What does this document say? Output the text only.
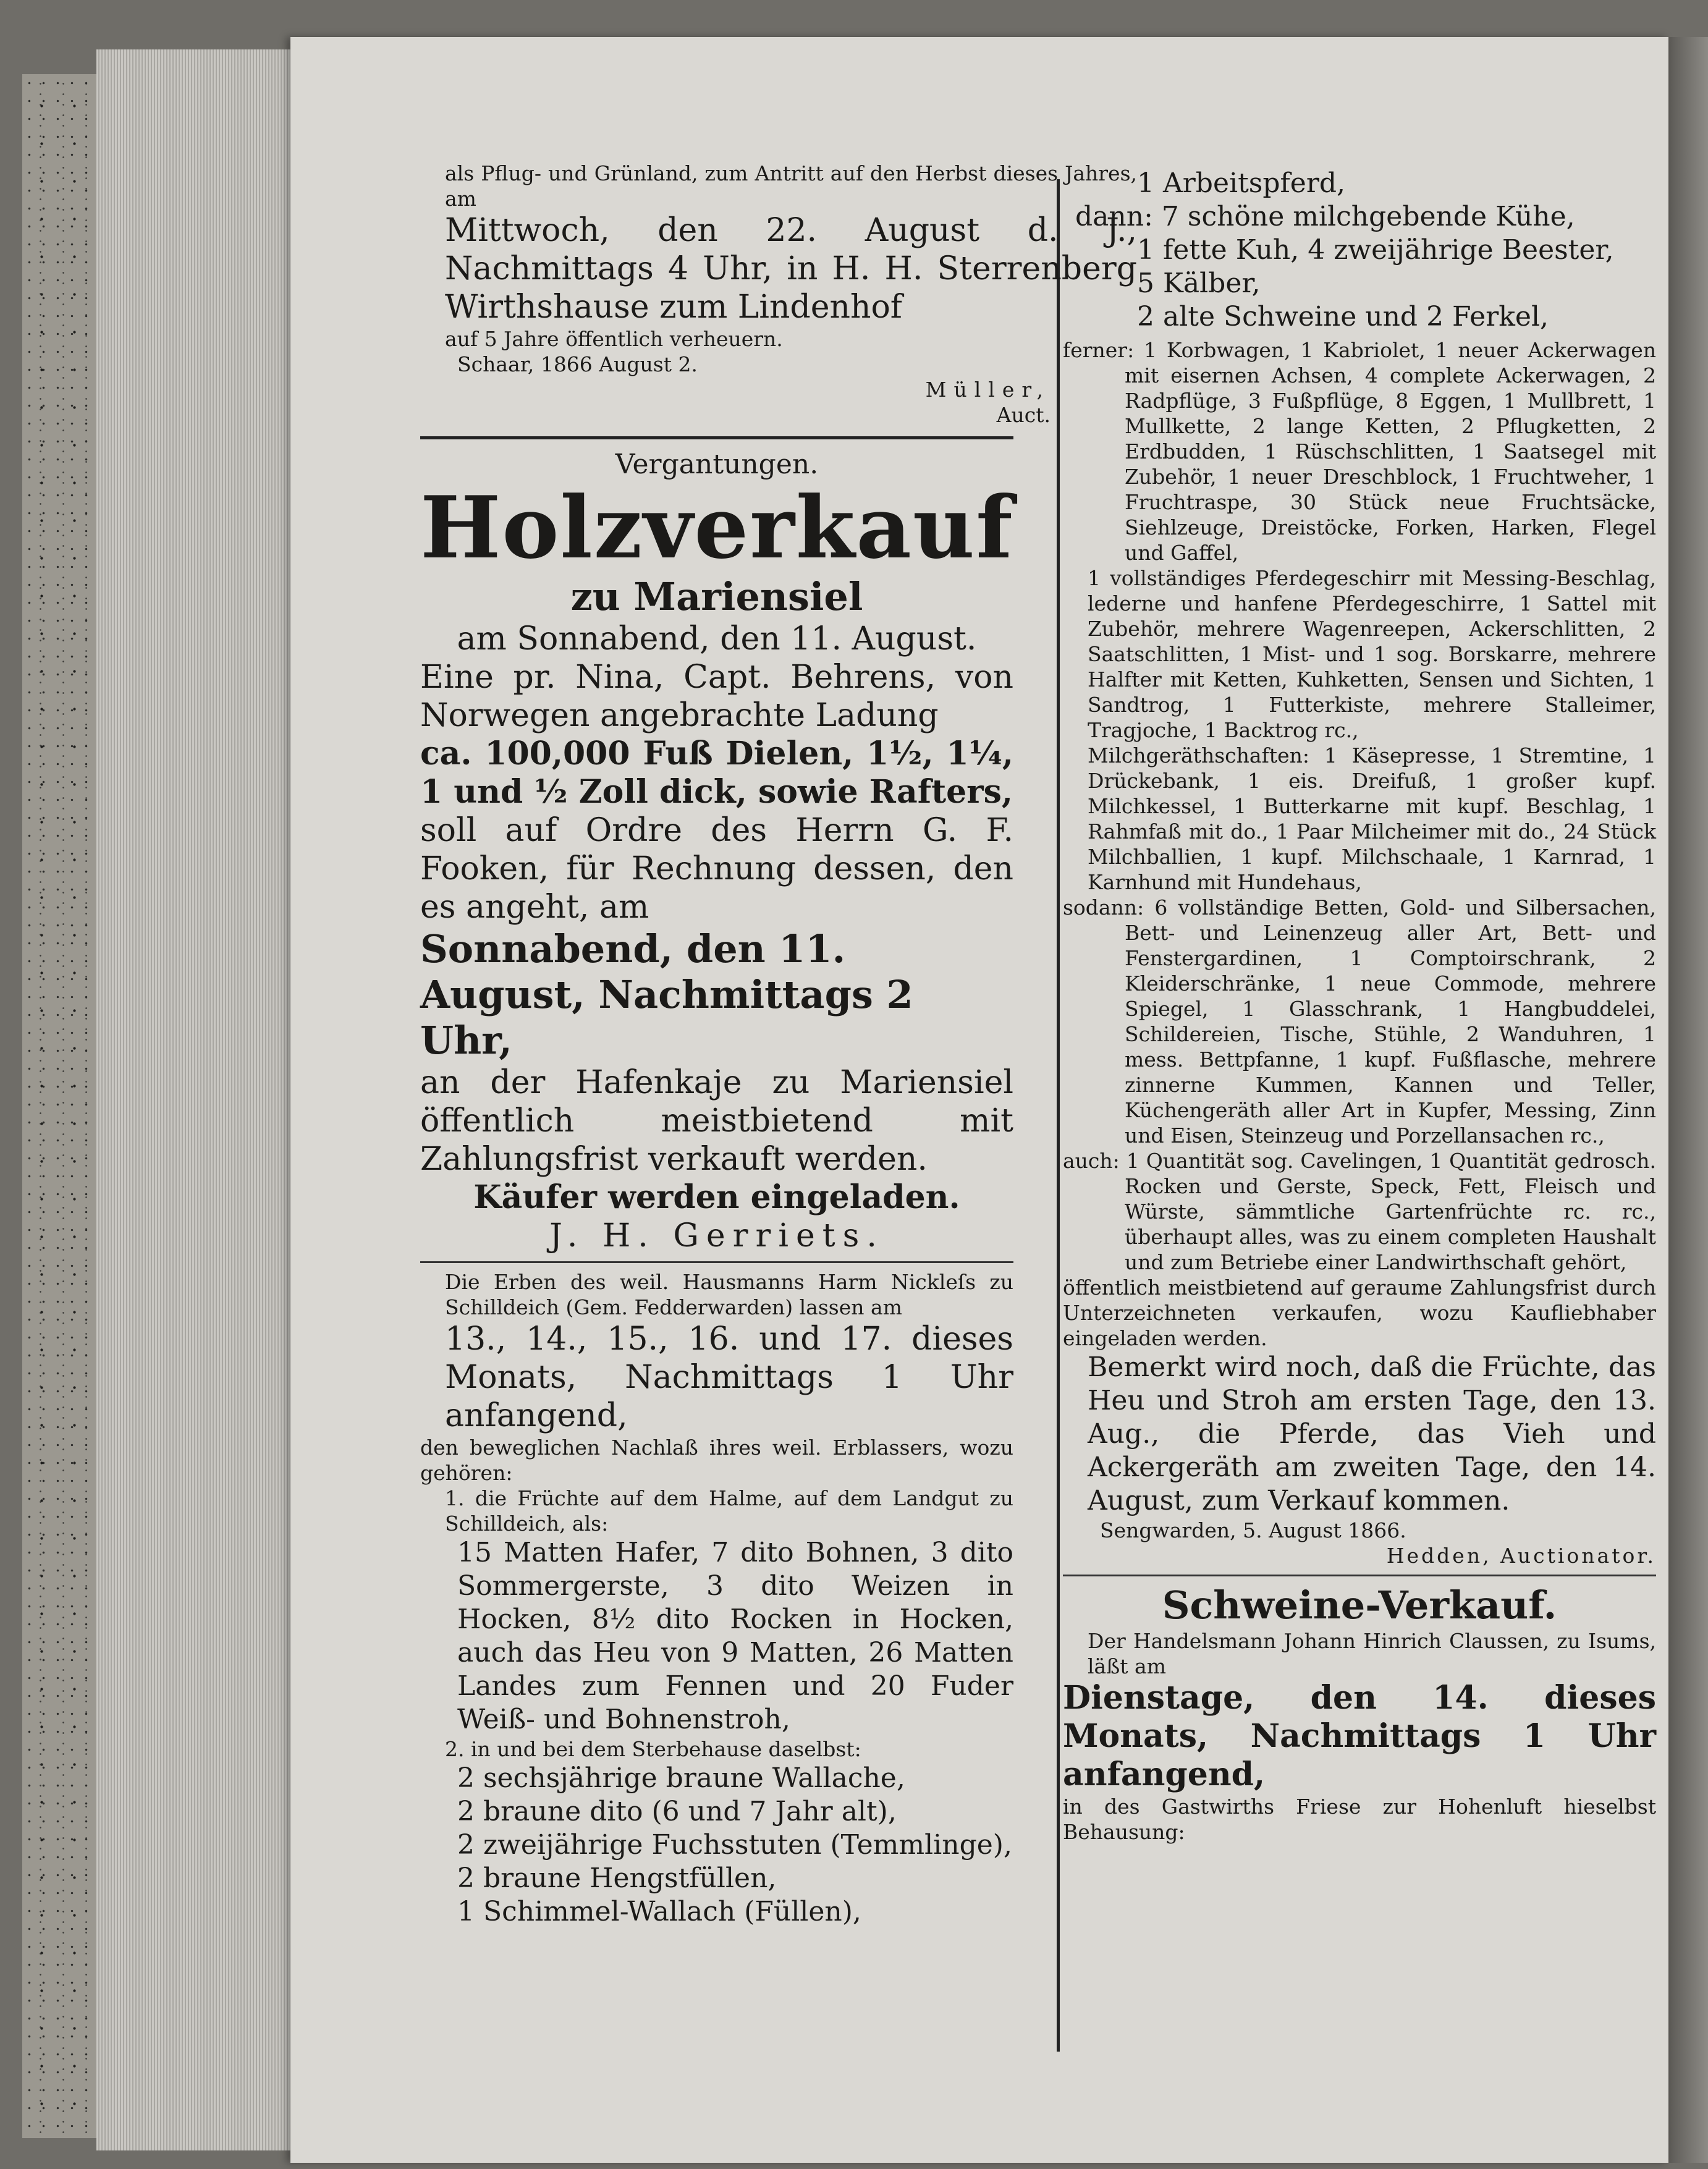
als Pflug- und Grünland, zum Antritt auf den Herbst dieses Jahres, am

Mittwoch, den 22. August d. J., Nachmittags 4 Uhr, in H. H. Sterrenberg Wirthshause zum Lindenhof

auf 5 Jahre öffentlich verheuern.

Schaar, 1866 August 2.

Müller,

Auct.

Vergantungen.

Holzverkauf

zu Mariensiel

am Sonnabend, den 11. August.

Eine pr. Nina, Capt. Behrens, von Norwegen angebrachte Ladung

ca. 100,000 Fuß Dielen, 1½, 1¼, 1 und ½ Zoll dick, sowie Rafters,

soll auf Ordre des Herrn G. F. Fooken, für Rechnung dessen, den es angeht, am

Sonnabend, den 11. August, Nachmittags 2 Uhr,

an der Hafenkaje zu Mariensiel öffentlich meistbietend mit Zahlungsfrist verkauft werden.

Käufer werden eingeladen.

J. H. Gerriets.

Die Erben des weil. Hausmanns Harm Nickleſs zu Schilldeich (Gem. Fedderwarden) lassen am

13., 14., 15., 16. und 17. dieses Monats, Nachmittags 1 Uhr anfangend,

den beweglichen Nachlaß ihres weil. Erblassers, wozu gehören:

1. die Früchte auf dem Halme, auf dem Landgut zu Schilldeich, als:

15 Matten Hafer, 7 dito Bohnen, 3 dito Sommergerste, 3 dito Weizen in Hocken, 8½ dito Rocken in Hocken, auch das Heu von 9 Matten, 26 Matten Landes zum Fennen und 20 Fuder Weiß- und Bohnenstroh,

2. in und bei dem Sterbehause daselbst:

2 sechsjährige braune Wallache,

2 braune dito (6 und 7 Jahr alt),

2 zweijährige Fuchsstuten (Temmlinge),

2 braune Hengstfüllen,

1 Schimmel-Wallach (Füllen),

1 Arbeitspferd,

dann: 7 schöne milchgebende Kühe,

1 fette Kuh, 4 zweijährige Beester,

5 Kälber,

2 alte Schweine und 2 Ferkel,

ferner: 1 Korbwagen, 1 Kabriolet, 1 neuer Ackerwagen mit eisernen Achsen, 4 complete Ackerwagen, 2 Radpflüge, 3 Fußpflüge, 8 Eggen, 1 Mullbrett, 1 Mullkette, 2 lange Ketten, 2 Pflugketten, 2 Erdbudden, 1 Rüschschlitten, 1 Saatsegel mit Zubehör, 1 neuer Dreschblock, 1 Fruchtweher, 1 Fruchtraspe, 30 Stück neue Fruchtsäcke, Siehlzeuge, Dreistöcke, Forken, Harken, Flegel und Gaffel,

1 vollständiges Pferdegeschirr mit Messing-Beschlag, lederne und hanfene Pferdegeschirre, 1 Sattel mit Zubehör, mehrere Wagenreepen, Ackerschlitten, 2 Saatschlitten, 1 Mist- und 1 sog. Borskarre, mehrere Halfter mit Ketten, Kuhketten, Sensen und Sichten, 1 Sandtrog, 1 Futterkiste, mehrere Stalleimer, Tragjoche, 1 Backtrog rc.,

Milchgeräthschaften: 1 Käsepresse, 1 Stremtine, 1 Drückebank, 1 eis. Dreifuß, 1 großer kupf. Milchkessel, 1 Butterkarne mit kupf. Beschlag, 1 Rahmfaß mit do., 1 Paar Milcheimer mit do., 24 Stück Milchballien, 1 kupf. Milchschaale, 1 Karnrad, 1 Karnhund mit Hundehaus,

sodann: 6 vollständige Betten, Gold- und Silbersachen, Bett- und Leinenzeug aller Art, Bett- und Fenstergardinen, 1 Comptoirschrank, 2 Kleiderschränke, 1 neue Commode, mehrere Spiegel, 1 Glasschrank, 1 Hangbuddelei, Schildereien, Tische, Stühle, 2 Wanduhren, 1 mess. Bettpfanne, 1 kupf. Fußflasche, mehrere zinnerne Kummen, Kannen und Teller, Küchengeräth aller Art in Kupfer, Messing, Zinn und Eisen, Steinzeug und Porzellansachen rc.,

auch: 1 Quantität sog. Cavelingen, 1 Quantität gedrosch. Rocken und Gerste, Speck, Fett, Fleisch und Würste, sämmtliche Gartenfrüchte rc. rc., überhaupt alles, was zu einem completen Haushalt und zum Betriebe einer Landwirthschaft gehört,

öffentlich meistbietend auf geraume Zahlungsfrist durch Unterzeichneten verkaufen, wozu Kaufliebhaber eingeladen werden.

Bemerkt wird noch, daß die Früchte, das Heu und Stroh am ersten Tage, den 13. Aug., die Pferde, das Vieh und Ackergeräth am zweiten Tage, den 14. August, zum Verkauf kommen.

Sengwarden, 5. August 1866.

Hedden, Auctionator.

Schweine-Verkauf.

Der Handelsmann Johann Hinrich Claussen, zu Isums, läßt am

Dienstage, den 14. dieses Monats, Nachmittags 1 Uhr anfangend,

in des Gastwirths Friese zur Hohenluft hieselbst Behausung:
